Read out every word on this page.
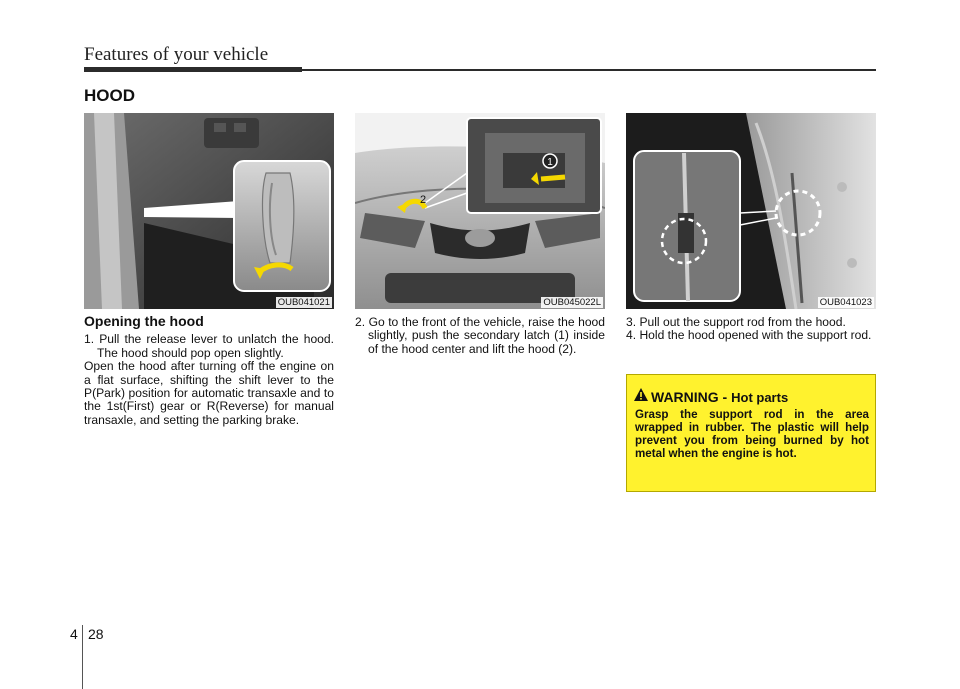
Features of your vehicle
HOOD
OUB041021
1
2
OUB045022L	OUB041023
Opening the hood
1. Pull the release lever to unlatch the hood. The hood should pop open slightly.
Open the hood after turning off the engine on a flat surface, shifting the shift lever to the P(Park) position for automatic transaxle and to the 1st(First) gear or R(Reverse) for manual transaxle, and setting the parking brake.
2. Go to the front of the vehicle, raise the hood slightly, push the secondary latch (1) inside of the hood center and lift the hood (2).
3. Pull out the support rod from the hood.
4. Hold the hood opened with the support rod.
WARNING - Hot parts
Grasp the support rod in the area wrapped in rubber. The plastic will help prevent you from being burned by hot metal when the engine is hot.
4 28
